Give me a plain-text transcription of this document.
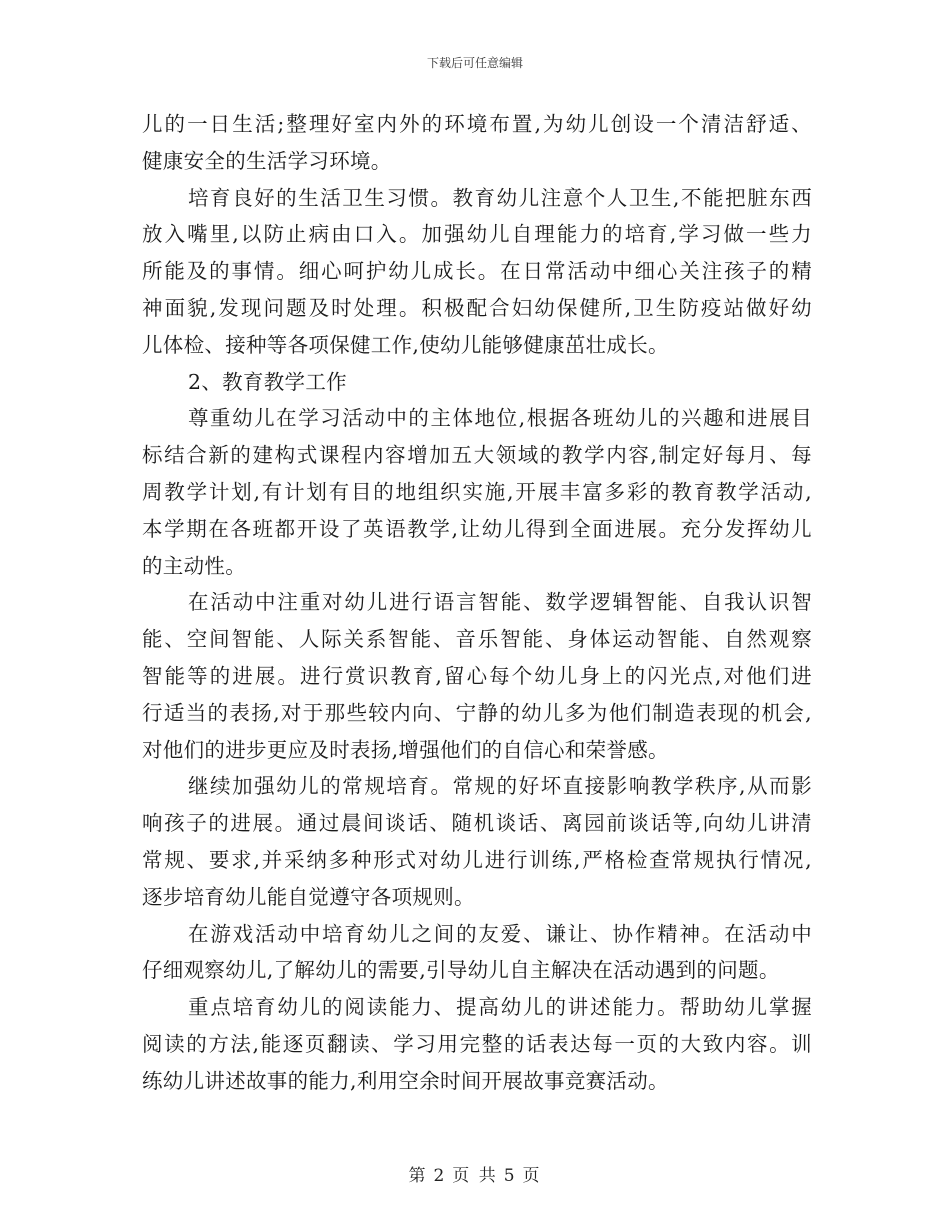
下载后可任意编辑
儿的一日生活;整理好室内外的环境布置,为幼儿创设一个清洁舒适、
健康安全的生活学习环境。
培育良好的生活卫生习惯。教育幼儿注意个人卫生,不能把脏东西
放入嘴里,以防止病由口入。加强幼儿自理能力的培育,学习做一些力
所能及的事情。细心呵护幼儿成长。在日常活动中细心关注孩子的精
神面貌,发现问题及时处理。积极配合妇幼保健所,卫生防疫站做好幼
儿体检、接种等各项保健工作,使幼儿能够健康茁壮成长。
2、教育教学工作
尊重幼儿在学习活动中的主体地位,根据各班幼儿的兴趣和进展目
标结合新的建构式课程内容增加五大领域的教学内容,制定好每月、每
周教学计划,有计划有目的地组织实施,开展丰富多彩的教育教学活动,
本学期在各班都开设了英语教学,让幼儿得到全面进展。充分发挥幼儿
的主动性。
在活动中注重对幼儿进行语言智能、数学逻辑智能、自我认识智
能、空间智能、人际关系智能、音乐智能、身体运动智能、自然观察
智能等的进展。进行赏识教育,留心每个幼儿身上的闪光点,对他们进
行适当的表扬,对于那些较内向、宁静的幼儿多为他们制造表现的机会,
对他们的进步更应及时表扬,增强他们的自信心和荣誉感。
继续加强幼儿的常规培育。常规的好坏直接影响教学秩序,从而影
响孩子的进展。通过晨间谈话、随机谈话、离园前谈话等,向幼儿讲清
常规、要求,并采纳多种形式对幼儿进行训练,严格检查常规执行情况,
逐步培育幼儿能自觉遵守各项规则。
在游戏活动中培育幼儿之间的友爱、谦让、协作精神。在活动中
仔细观察幼儿,了解幼儿的需要,引导幼儿自主解决在活动遇到的问题。
重点培育幼儿的阅读能力、提高幼儿的讲述能力。帮助幼儿掌握
阅读的方法,能逐页翻读、学习用完整的话表达每一页的大致内容。训
练幼儿讲述故事的能力,利用空余时间开展故事竞赛活动。
第 2 页 共 5 页
